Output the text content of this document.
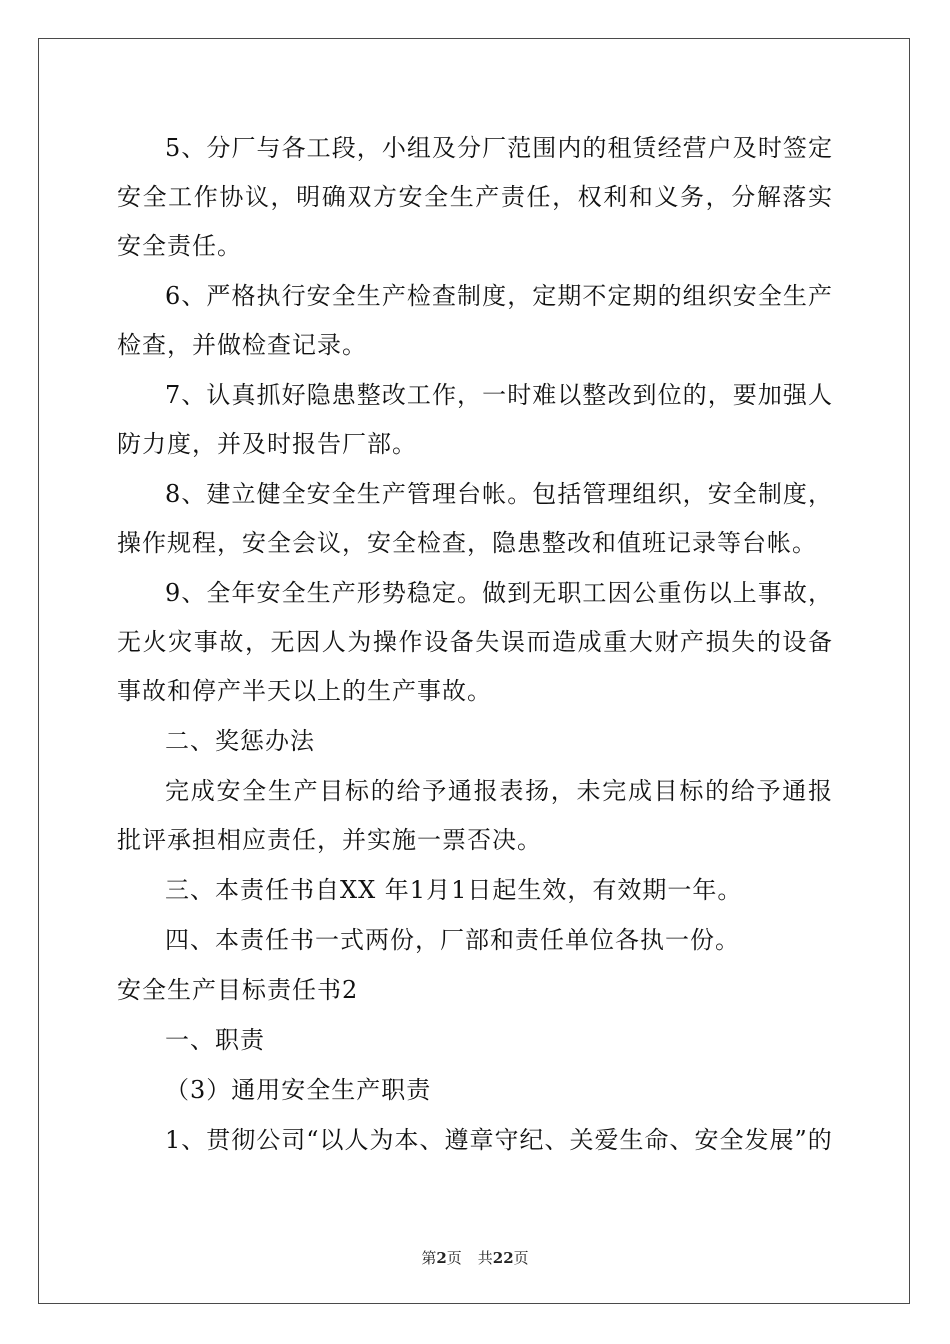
5、分厂与各工段，小组及分厂范围内的租赁经营户及时签定安全工作协议，明确双方安全生产责任，权利和义务，分解落实安全责任。

6、严格执行安全生产检查制度，定期不定期的组织安全生产检查，并做检查记录。

7、认真抓好隐患整改工作，一时难以整改到位的，要加强人防力度，并及时报告厂部。

8、建立健全安全生产管理台帐。包括管理组织，安全制度，操作规程，安全会议，安全检查，隐患整改和值班记录等台帐。

9、全年安全生产形势稳定。做到无职工因公重伤以上事故，无火灾事故，无因人为操作设备失误而造成重大财产损失的设备事故和停产半天以上的生产事故。

二、奖惩办法

完成安全生产目标的给予通报表扬，未完成目标的给予通报批评承担相应责任，并实施一票否决。

三、本责任书自XX 年1月1日起生效，有效期一年。

四、本责任书一式两份，厂部和责任单位各执一份。

安全生产目标责任书2

一、职责

（3）通用安全生产职责

1、贯彻公司“以人为本、遵章守纪、关爱生命、安全发展”的

第2页 共22页
